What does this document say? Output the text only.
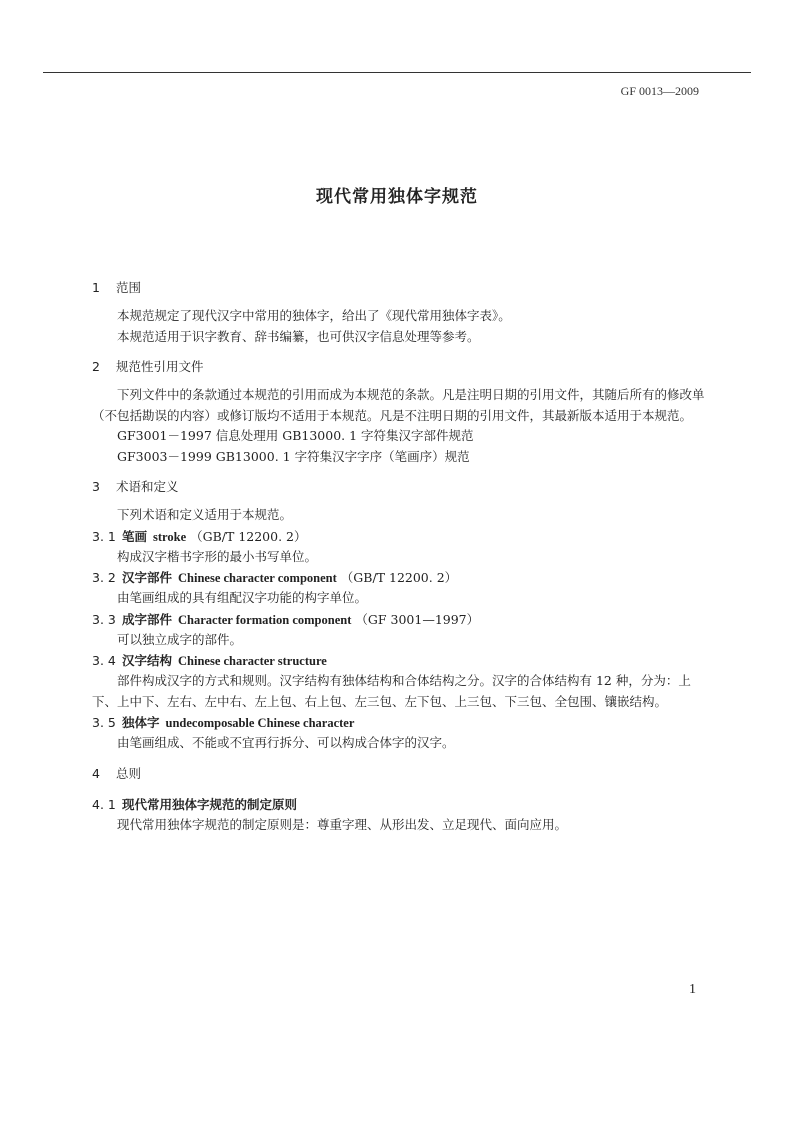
GF 0013—2009
现代常用独体字规范
1 范围

本规范规定了现代汉字中常用的独体字，给出了《现代常用独体字表》。

本规范适用于识字教育、辞书编纂，也可供汉字信息处理等参考。

2 规范性引用文件

下列文件中的条款通过本规范的引用而成为本规范的条款。凡是注明日期的引用文件，其随后所有的修改单（不包括勘误的内容）或修订版均不适用于本规范。凡是不注明日期的引用文件，其最新版本适用于本规范。

GF3001－1997 信息处理用 GB13000. 1 字符集汉字部件规范

GF3003－1999 GB13000. 1 字符集汉字字序（笔画序）规范

3 术语和定义

下列术语和定义适用于本规范。

3. 1 笔画 stroke （GB/T 12200. 2）

构成汉字楷书字形的最小书写单位。

3. 2 汉字部件 Chinese character component （GB/T 12200. 2）

由笔画组成的具有组配汉字功能的构字单位。

3. 3 成字部件 Character formation component （GF 3001—1997）

可以独立成字的部件。

3. 4 汉字结构 Chinese character structure

部件构成汉字的方式和规则。汉字结构有独体结构和合体结构之分。汉字的合体结构有 12 种，分为：上下、上中下、左右、左中右、左上包、右上包、左三包、左下包、上三包、下三包、全包围、镶嵌结构。

3. 5 独体字 undecomposable Chinese character

由笔画组成、不能或不宜再行拆分、可以构成合体字的汉字。

4 总则
4. 1 现代常用独体字规范的制定原则

现代常用独体字规范的制定原则是：尊重字理、从形出发、立足现代、面向应用。

1
